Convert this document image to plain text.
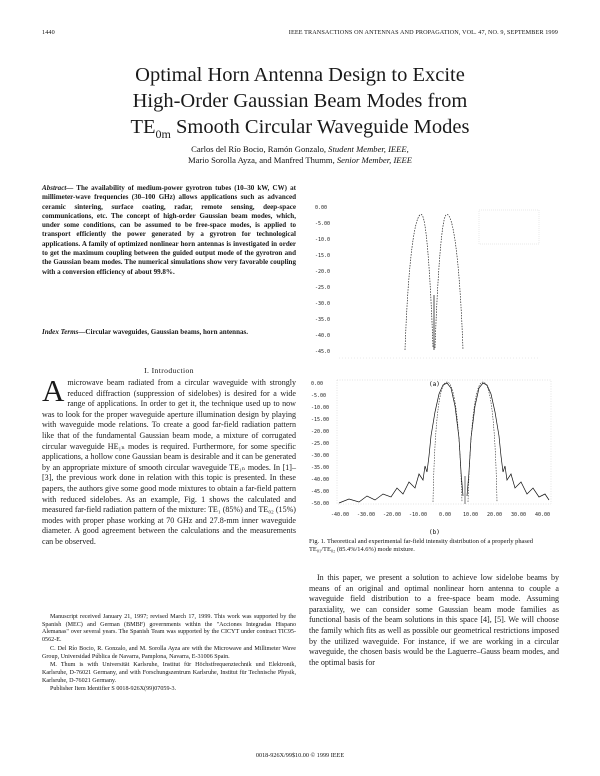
1440	IEEE TRANSACTIONS ON ANTENNAS AND PROPAGATION, VOL. 47, NO. 9, SEPTEMBER 1999
Optimal Horn Antenna Design to Excite
High-Order Gaussian Beam Modes from
$TE_{0m}$ Smooth Circular Waveguide Modes
Carlos del Río Bocio, Ramón Gonzalo, Student Member, IEEE,
Mario Sorolla Ayza, and Manfred Thumm, Senior Member, IEEE
Abstract— The availability of medium-power gyrotron tubes (10–30 kW, CW) at millimeter-wave frequencies (30–100 GHz) allows applications such as advanced ceramic sintering, surface coating, radar, remote sensing, deep-space communications, etc. The concept of high-order Gaussian beam modes, which, under some conditions, can be assumed to be free-space modes, is applied to transport efficiently the power generated by a gyrotron for technological applications. A family of optimized nonlinear horn antennas is investigated in order to get the maximum coupling between the guided output mode of the gyrotron and the Gaussian beam modes. The numerical simulations show very favorable coupling with a conversion efficiency of about 99.8%.
Index Terms—Circular waveguides, Gaussian beams, horn antennas.
I. Introduction
Amicrowave beam radiated from a circular waveguide with strongly reduced diffraction (suppression of sidelobes) is desired for a wide range of applications. In order to get it, the technique used up to now was to look for the proper waveguide aperture illumination design by playing with waveguide mode relations. To create a good far-field radiation pattern like that of the fundamental Gaussian beam mode, a mixture of corrugated circular waveguide HE₁ₙ modes is required. Furthermore, for some specific applications, a hollow cone Gaussian beam is desirable and it can be generated by an appropriate mixture of smooth circular waveguide TE₁ₙ modes. In [1]–[3], the previous work done in relation with this topic is presented. In these papers, the authors give some good mode mixtures to obtain a far-field pattern with reduced sidelobes. As an example, Fig. 1 shows the calculated and measured far-field radiation pattern of the mixture: TE₁ (85%) and TE₀₂ (15%) modes with proper phase working at 70 GHz and 27.8-mm inner waveguide diameter. A good agreement between the calculations and the measurements can be observed.

Manuscript received January 21, 1997; revised March 17, 1999. This work was supported by the Spanish (MEC) and German (BMBF) governments within the "Acciones Integradas Hispano Alemanas" over several years. The Spanish Team was supported by the CICYT under contract TIC95-0562-E.

C. Del Río Bocio, R. Gonzalo, and M. Sorolla Ayza are with the Microwave and Millimeter Wave Group, Universidad Pública de Navarra, Pamplona, Navarra, E-31006 Spain.

M. Thum is with Universität Karlsruhe, Institut für Höchstfrequenztechnik und Elektronik, Karlsruhe, D-76021 Germany, and with Forschungszentrum Karlsruhe, Institut für Technische Physik, Karlsruhe, D-76021 Germany.

Publisher Item Identifier S 0018-926X(99)07059-3.

0.00
-5.00
-10.0
-15.0
-20.0
-25.0
-30.0
-35.0
-40.0
-45.0
(a)
0.00
-5.00
-10.00
-15.00
-20.00
-25.00
-30.00
-35.00
-40.00
-45.00
-50.00
-40.00 -30.00 -20.00 -10.00 0.00 10.00 20.00 30.00 40.00
(b)
Fig. 1. Theoretical and experimental far-field intensity distribution of a properly phased TE₀₁/TE₀₂ (85.4%/14.6%) mode mixture.
In this paper, we present a solution to achieve low sidelobe beams by means of an original and optimal nonlinear horn antenna to couple a waveguide field distribution to a free-space beam mode. Assuming paraxiality, we can consider some Gaussian beam mode families as functional basis of the beam solutions in this space [4], [5]. We will choose the family which fits as well as possible our geometrical restrictions imposed by the utilized waveguide. For instance, if we are working in a circular waveguide, the chosen basis would be the Laguerre–Gauss beam modes, and the optimal basis for
0018-926X/99$10.00 © 1999 IEEE
